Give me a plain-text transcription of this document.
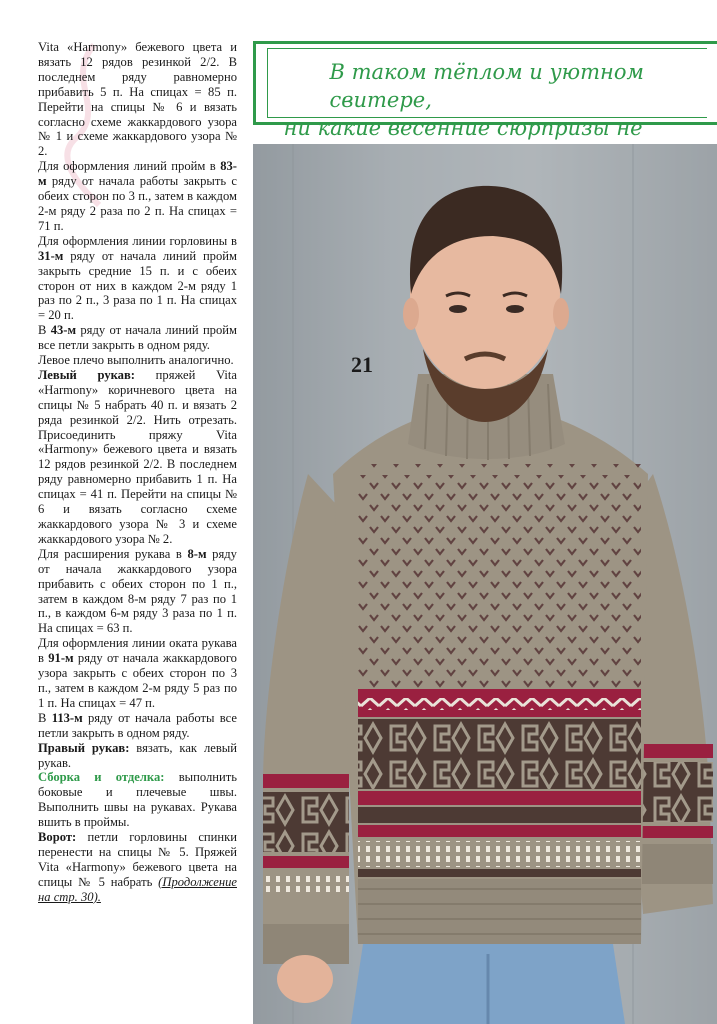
Vita «Harmony» бежевого цвета и вязать 12 рядов резинкой 2/2. В последнем ряду равномерно прибавить 5 п. На спицах = 85 п. Перейти на спицы № 6 и вязать согласно схеме жаккардового узора № 1 и схеме жаккардового узора № 2.

Для оформления линий пройм в 83-м ряду от начала работы закрыть с обеих сторон по 3 п., затем в каждом 2-м ряду 2 раза по 2 п. На спицах = 71 п.

Для оформления линии горловины в 31-м ряду от начала линий пройм закрыть средние 15 п. и с обеих сторон от них в каждом 2-м ряду 1 раз по 2 п., 3 раза по 1 п. На спицах = 20 п.

В 43-м ряду от начала линий пройм все петли закрыть в одном ряду.

Левое плечо выполнить аналогично.

Левый рукав: пряжей Vita «Harmony» коричневого цвета на спицы № 5 набрать 40 п. и вязать 2 ряда резинкой 2/2. Нить отрезать. Присоединить пряжу Vita «Harmony» бежевого цвета и вязать 12 рядов резинкой 2/2. В последнем ряду равномерно прибавить 1 п. На спицах = 41 п. Перейти на спицы № 6 и вязать согласно схеме жаккардового узора № 3 и схеме жаккардового узора № 2.

Для расширения рукава в 8-м ряду от начала жаккардового узора прибавить с обеих сторон по 1 п., затем в каждом 8-м ряду 7 раз по 1 п., в каждом 6-м ряду 3 раза по 1 п. На спицах = 63 п.

Для оформления линии оката рукава в 91-м ряду от начала жаккардового узора закрыть с обеих сторон по 3 п., затем в каждом 2-м ряду 5 раз по 1 п. На спицах = 47 п.

В 113-м ряду от начала работы все петли закрыть в одном ряду.

Правый рукав: вязать, как левый рукав.

Сборка и отделка: выполнить боковые и плечевые швы. Выполнить швы на рукавах. Рукава вшить в проймы.

Ворот: петли горловины спинки перенести на спицы № 5. Пряжей Vita «Harmony» бежевого цвета на спицы № 5 набрать (Продолжение на стр. 30).

В таком тёплом и уютном свитере,
ни какие весенние сюрпризы не
21
